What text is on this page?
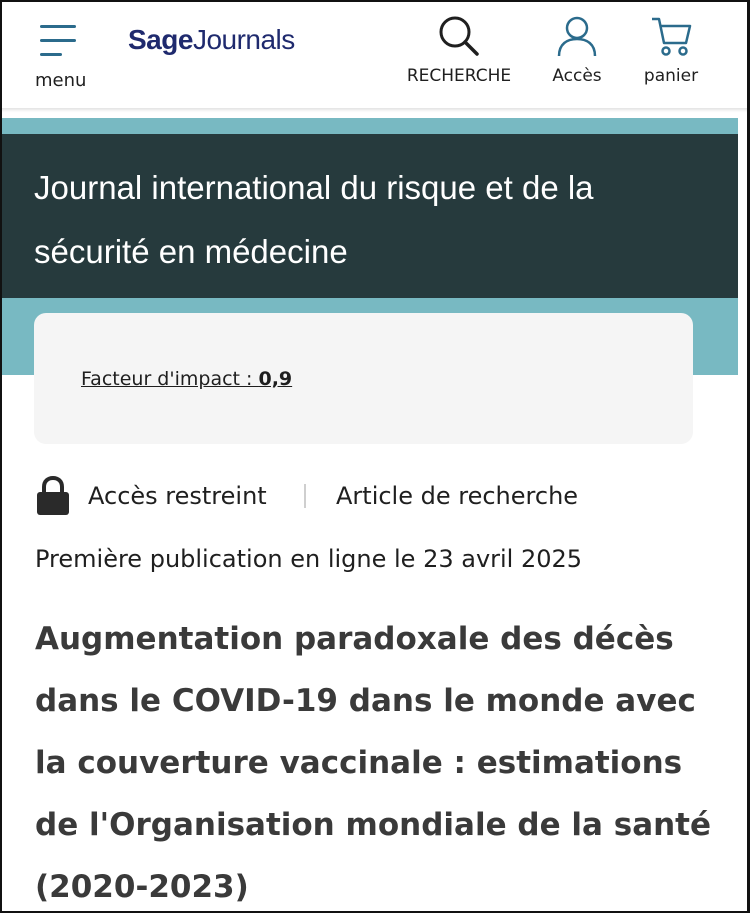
menu
SageJournals
RECHERCHE	Accès	panier
Journal international du risque et de la sécurité en médecine
Facteur d'impact : 0,9
Accès restreint	Article de recherche
Première publication en ligne le 23 avril 2025
Augmentation paradoxale des décès dans le COVID-19 dans le monde avec la couverture vaccinale : estimations de l'Organisation mondiale de la santé (2020-2023)
